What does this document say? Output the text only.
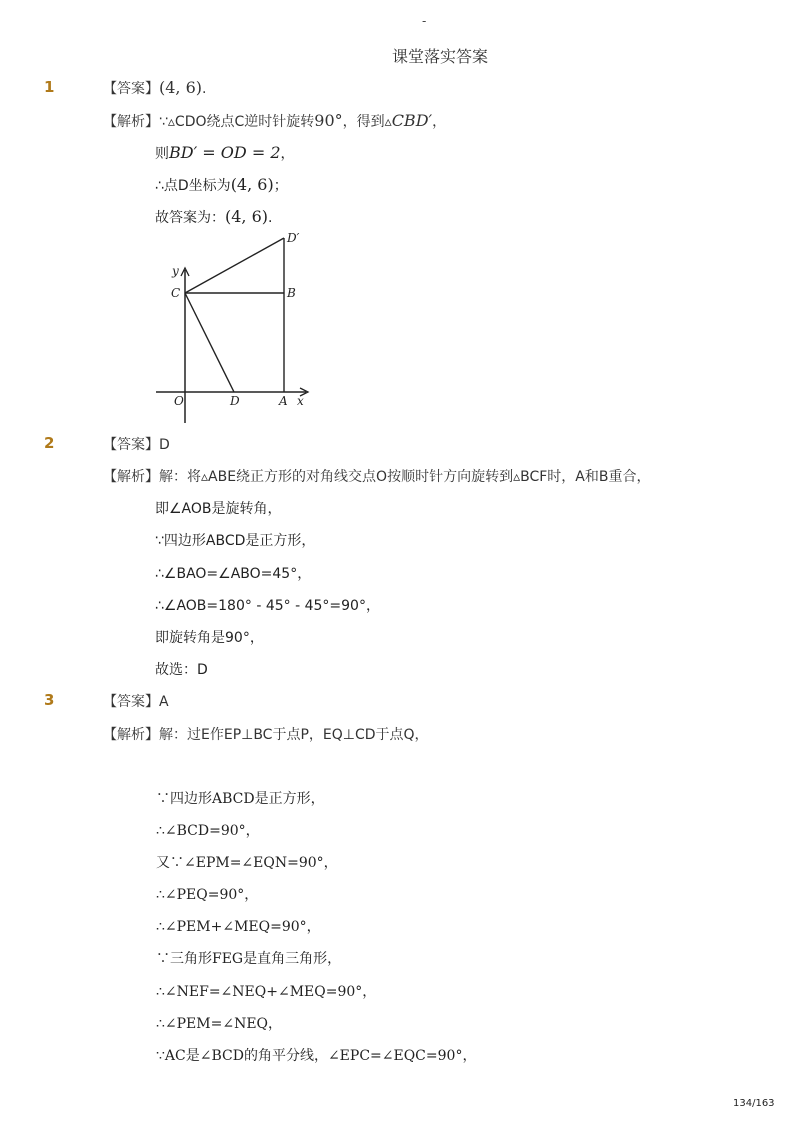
-
课堂落实答案
1	【答案】(4, 6).
【解析】∵▵CDO绕点C逆时针旋转90°，得到▵CBD′，
则BD′ = OD = 2，
∴点D坐标为(4, 6)；
故答案为：(4, 6).
D′
y
C	B
O	D	A x
2	【答案】D
【解析】解：将▵ABE绕正方形的对角线交点O按顺时针方向旋转到▵BCF时，A和B重合，
即∠AOB是旋转角，
∵四边形ABCD是正方形，
∴∠BAO=∠ABO=45°，
∴∠AOB=180° - 45° - 45°=90°，
即旋转角是90°，
故选：D
3	【答案】A
【解析】解：过E作EP⊥BC于点P，EQ⊥CD于点Q，
∵四边形ABCD是正方形，
∴∠BCD=90°，
又∵∠EPM=∠EQN=90°，
∴∠PEQ=90°，
∴∠PEM+∠MEQ=90°，
∵三角形FEG是直角三角形，
∴∠NEF=∠NEQ+∠MEQ=90°，
∴∠PEM=∠NEQ，
∵AC是∠BCD的角平分线，∠EPC=∠EQC=90°，
134/163
